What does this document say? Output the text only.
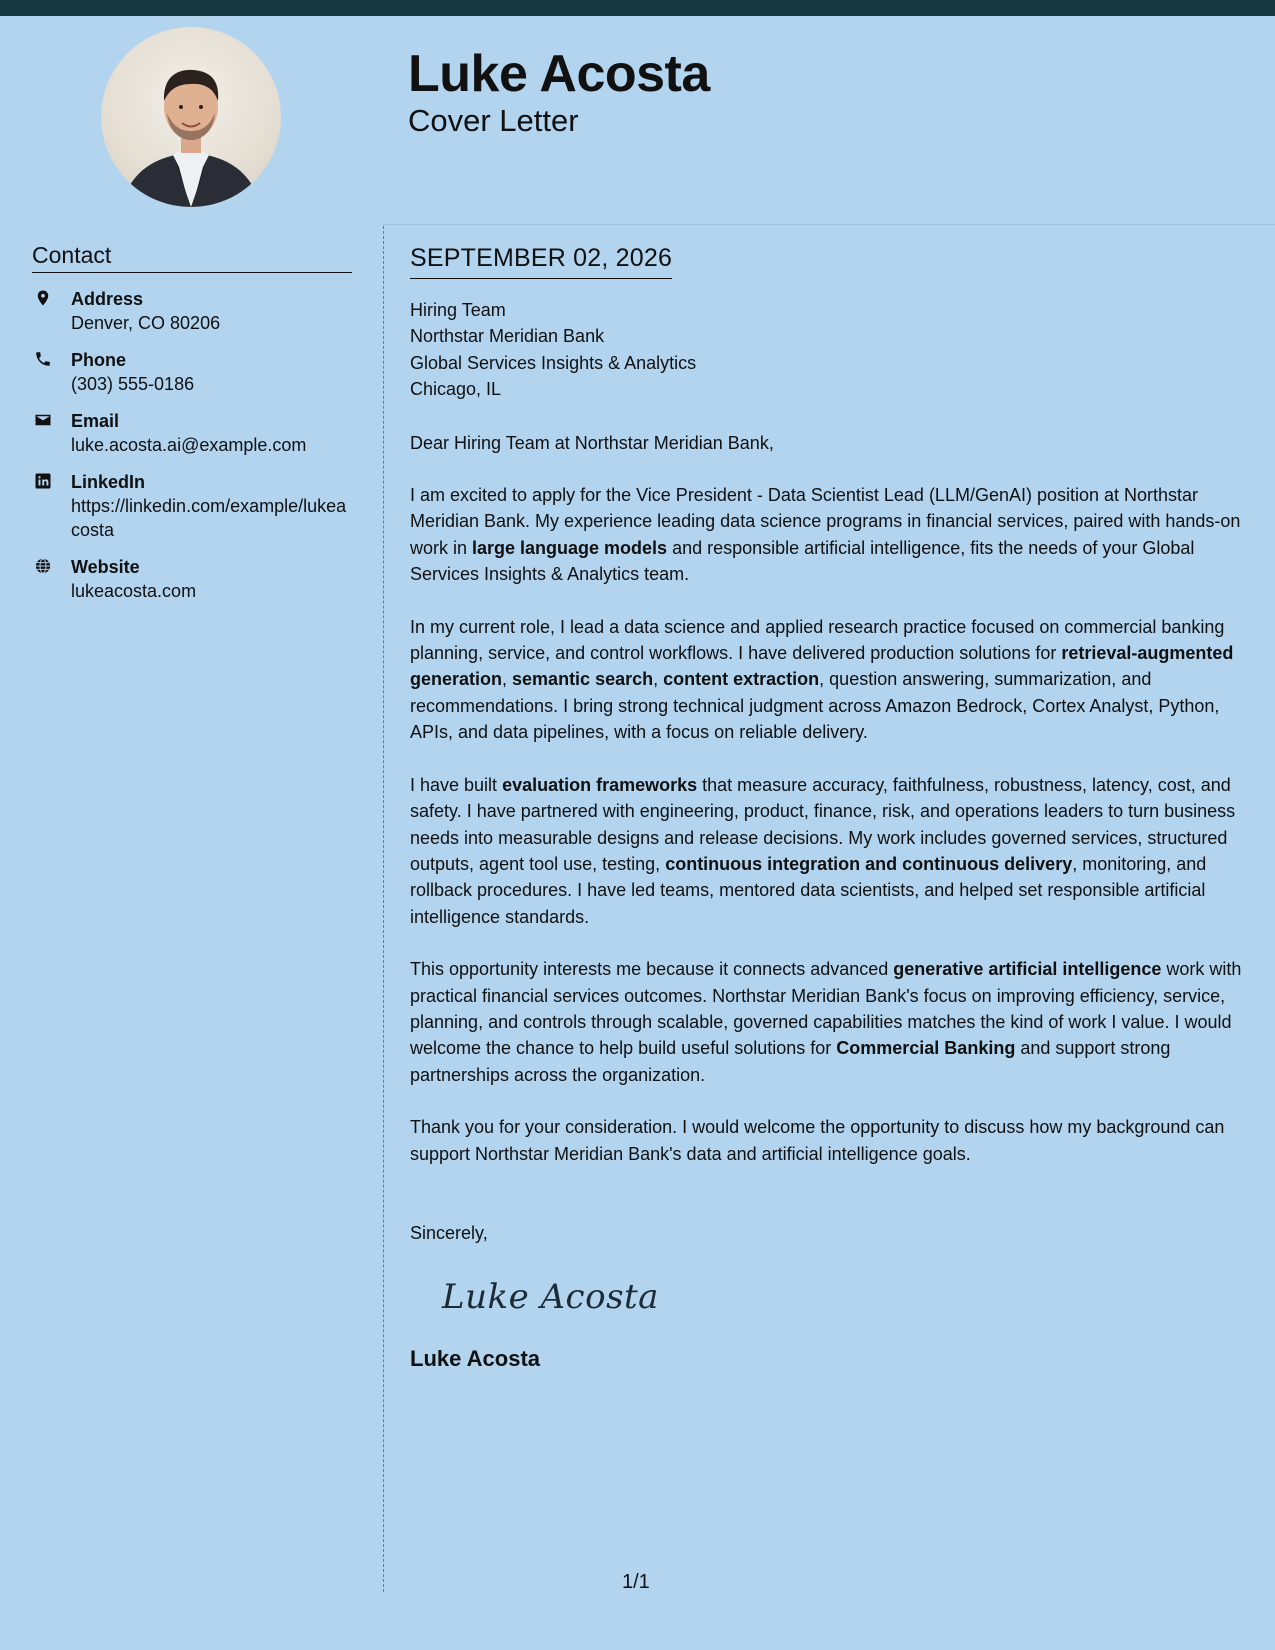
Luke Acosta
Cover Letter
Contact
Address
Denver, CO 80206
Phone
(303) 555-0186
Email
luke.acosta.ai@example.com
LinkedIn
https://linkedin.com/example/lukeacosta
Website
lukeacosta.com
SEPTEMBER 02, 2026
Hiring Team
Northstar Meridian Bank
Global Services Insights & Analytics
Chicago, IL
Dear Hiring Team at Northstar Meridian Bank,
I am excited to apply for the Vice President - Data Scientist Lead (LLM/GenAI) position at Northstar Meridian Bank. My experience leading data science programs in financial services, paired with hands-on work in large language models and responsible artificial intelligence, fits the needs of your Global Services Insights & Analytics team.
In my current role, I lead a data science and applied research practice focused on commercial banking planning, service, and control workflows. I have delivered production solutions for retrieval-augmented generation, semantic search, content extraction, question answering, summarization, and recommendations. I bring strong technical judgment across Amazon Bedrock, Cortex Analyst, Python, APIs, and data pipelines, with a focus on reliable delivery.
I have built evaluation frameworks that measure accuracy, faithfulness, robustness, latency, cost, and safety. I have partnered with engineering, product, finance, risk, and operations leaders to turn business needs into measurable designs and release decisions. My work includes governed services, structured outputs, agent tool use, testing, continuous integration and continuous delivery, monitoring, and rollback procedures. I have led teams, mentored data scientists, and helped set responsible artificial intelligence standards.
This opportunity interests me because it connects advanced generative artificial intelligence work with practical financial services outcomes. Northstar Meridian Bank's focus on improving efficiency, service, planning, and controls through scalable, governed capabilities matches the kind of work I value. I would welcome the chance to help build useful solutions for Commercial Banking and support strong partnerships across the organization.
Thank you for your consideration. I would welcome the opportunity to discuss how my background can support Northstar Meridian Bank's data and artificial intelligence goals.
Sincerely,
Luke Acosta
Luke Acosta
1/1
